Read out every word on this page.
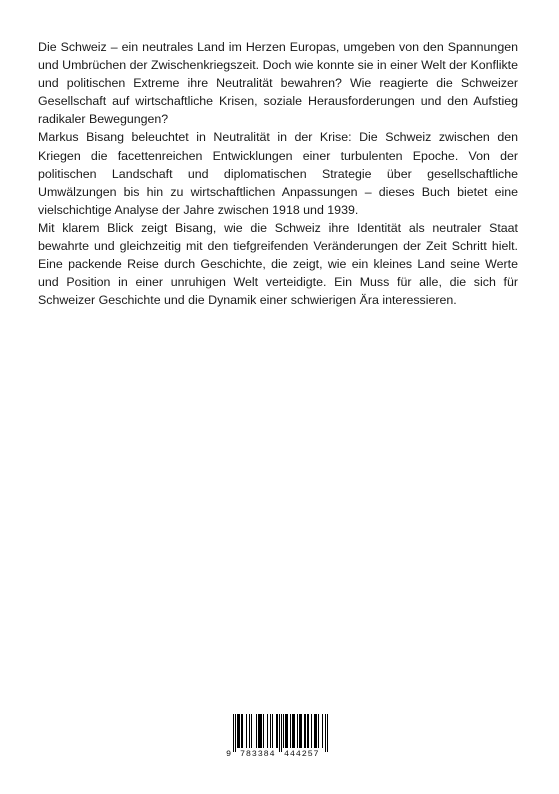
Die Schweiz – ein neutrales Land im Herzen Europas, umgeben von den Spannungen und Umbrüchen der Zwischenkriegszeit. Doch wie konnte sie in einer Welt der Konflikte und politischen Extreme ihre Neutralität bewahren? Wie reagierte die Schweizer Gesellschaft auf wirtschaftliche Krisen, soziale Herausforderungen und den Aufstieg radikaler Bewegungen?

Markus Bisang beleuchtet in Neutralität in der Krise: Die Schweiz zwischen den Kriegen die facettenreichen Entwicklungen einer turbulenten Epoche. Von der politischen Landschaft und diplomatischen Strategie über gesellschaftliche Umwälzungen bis hin zu wirtschaftlichen Anpassungen – dieses Buch bietet eine vielschichtige Analyse der Jahre zwischen 1918 und 1939.

Mit klarem Blick zeigt Bisang, wie die Schweiz ihre Identität als neutraler Staat bewahrte und gleichzeitig mit den tiefgreifenden Veränderungen der Zeit Schritt hielt. Eine packende Reise durch Geschichte, die zeigt, wie ein kleines Land seine Werte und Position in einer unruhigen Welt verteidigte. Ein Muss für alle, die sich für Schweizer Geschichte und die Dynamik einer schwierigen Ära interessieren.

9 783384 444257
